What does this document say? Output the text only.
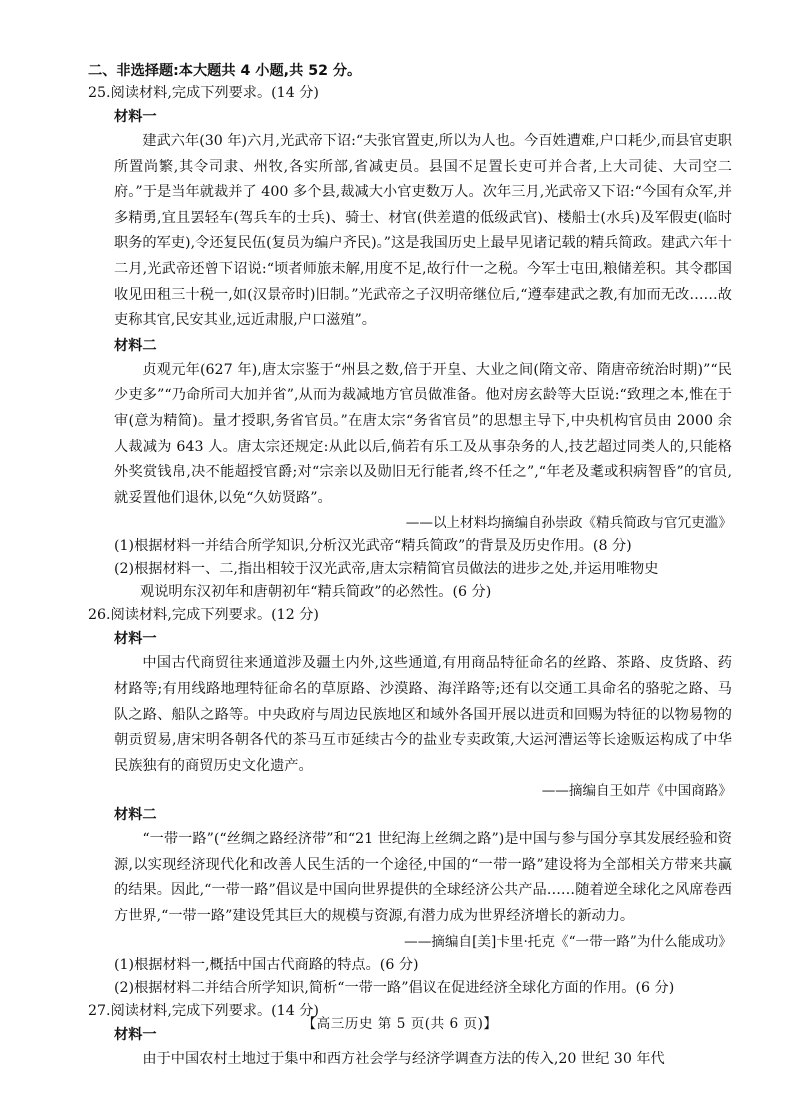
二、非选择题:本大题共 4 小题,共 52 分。
25.阅读材料,完成下列要求。(14 分)
材料一
建武六年(30 年)六月,光武帝下诏:“夫张官置吏,所以为人也。今百姓遭难,户口耗少,而县官吏职所置尚繁,其令司隶、州牧,各实所部,省减吏员。县国不足置长吏可并合者,上大司徒、大司空二府。”于是当年就裁并了 400 多个县,裁减大小官吏数万人。次年三月,光武帝又下诏:“今国有众军,并多精勇,宜且罢轻车(驾兵车的士兵)、骑士、材官(供差遣的低级武官)、楼船士(水兵)及军假吏(临时职务的军吏),令还复民伍(复员为编户齐民)。”这是我国历史上最早见诸记载的精兵简政。建武六年十二月,光武帝还曾下诏说:“顷者师旅未解,用度不足,故行什一之税。今军士屯田,粮储差积。其令郡国收见田租三十税一,如(汉景帝时)旧制。”光武帝之子汉明帝继位后,“遵奉建武之教,有加而无改……故吏称其官,民安其业,远近肃服,户口滋殖”。
材料二
贞观元年(627 年),唐太宗鉴于“州县之数,倍于开皇、大业之间(隋文帝、隋唐帝统治时期)”“民少吏多”“乃命所司大加并省”,从而为裁减地方官员做准备。他对房玄龄等大臣说:“致理之本,惟在于审(意为精简)。量才授职,务省官员。”在唐太宗“务省官员”的思想主导下,中央机构官员由 2000 余人裁减为 643 人。唐太宗还规定:从此以后,倘若有乐工及从事杂务的人,技艺超过同类人的,只能格外奖赏钱帛,决不能超授官爵;对“宗亲以及勋旧无行能者,终不任之”,“年老及耄或积病智昏”的官员,就妥置他们退休,以免“久妨贤路”。
——以上材料均摘编自孙崇政《精兵简政与官冗吏滥》
(1)根据材料一并结合所学知识,分析汉光武帝“精兵简政”的背景及历史作用。(8 分)
(2)根据材料一、二,指出相较于汉光武帝,唐太宗精简官员做法的进步之处,并运用唯物史
观说明东汉初年和唐朝初年“精兵简政”的必然性。(6 分)
26.阅读材料,完成下列要求。(12 分)
材料一
中国古代商贸往来通道涉及疆土内外,这些通道,有用商品特征命名的丝路、茶路、皮货路、药材路等;有用线路地理特征命名的草原路、沙漠路、海洋路等;还有以交通工具命名的骆驼之路、马队之路、船队之路等。中央政府与周边民族地区和域外各国开展以进贡和回赐为特征的以物易物的朝贡贸易,唐宋明各朝各代的茶马互市延续古今的盐业专卖政策,大运河漕运等长途贩运构成了中华民族独有的商贸历史文化遗产。
——摘编自王如芹《中国商路》
材料二
“一带一路”(“丝绸之路经济带”和“21 世纪海上丝绸之路”)是中国与参与国分享其发展经验和资源,以实现经济现代化和改善人民生活的一个途径,中国的“一带一路”建设将为全部相关方带来共赢的结果。因此,“一带一路”倡议是中国向世界提供的全球经济公共产品……随着逆全球化之风席卷西方世界,“一带一路”建设凭其巨大的规模与资源,有潜力成为世界经济增长的新动力。
——摘编自[美]卡里·托克《“一带一路”为什么能成功》
(1)根据材料一,概括中国古代商路的特点。(6 分)
(2)根据材料二并结合所学知识,简析“一带一路”倡议在促进经济全球化方面的作用。(6 分)
27.阅读材料,完成下列要求。(14 分)
材料一
由于中国农村土地过于集中和西方社会学与经济学调查方法的传入,20 世纪 30 年代
【高三历史 第 5 页(共 6 页)】
